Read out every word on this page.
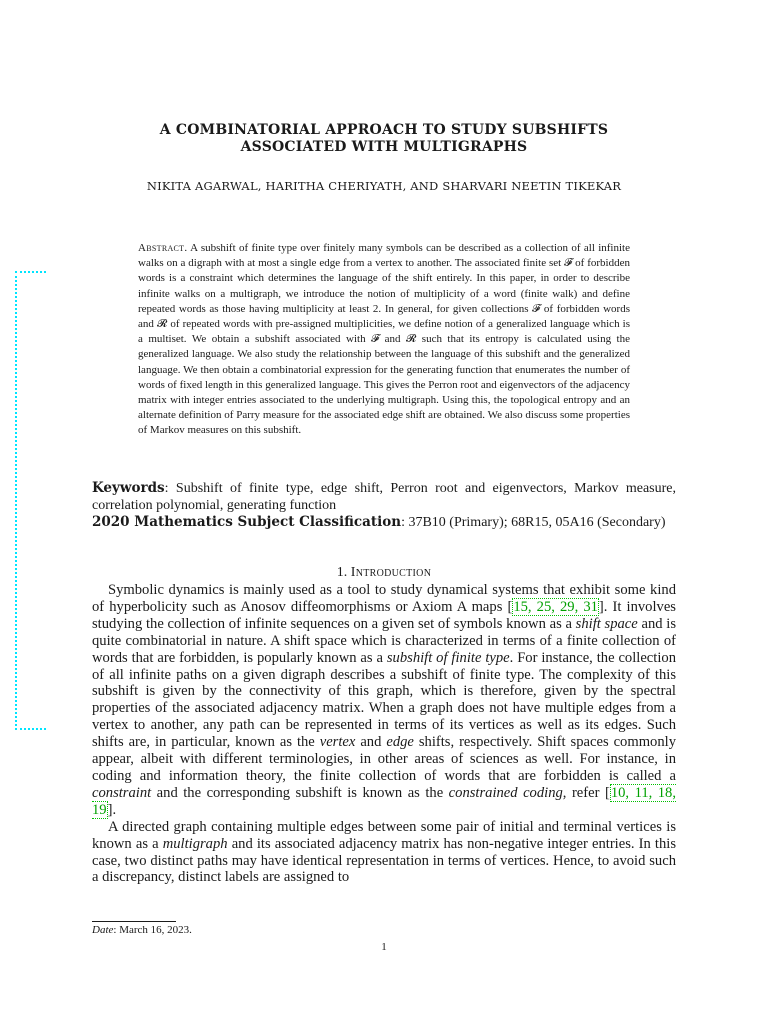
A COMBINATORIAL APPROACH TO STUDY SUBSHIFTS
ASSOCIATED WITH MULTIGRAPHS
NIKITA AGARWAL, HARITHA CHERIYATH, AND SHARVARI NEETIN TIKEKAR
Abstract. A subshift of finite type over finitely many symbols can be described as a collection of all infinite walks on a digraph with at most a single edge from a vertex to another. The associated finite set 𝓕 of forbidden words is a constraint which determines the language of the shift entirely. In this paper, in order to describe infinite walks on a multigraph, we introduce the notion of multiplicity of a word (finite walk) and define repeated words as those having multiplicity at least 2. In general, for given collections 𝓕 of forbidden words and 𝓡 of repeated words with pre-assigned multiplicities, we define notion of a generalized language which is a multiset. We obtain a subshift associated with 𝓕 and 𝓡 such that its entropy is calculated using the generalized language. We also study the relationship between the language of this subshift and the generalized language. We then obtain a combinatorial expression for the generating function that enumerates the number of words of fixed length in this generalized language. This gives the Perron root and eigenvectors of the adjacency matrix with integer entries associated to the underlying multigraph. Using this, the topological entropy and an alternate definition of Parry measure for the associated edge shift are obtained. We also discuss some properties of Markov measures on this subshift.
Keywords: Subshift of finite type, edge shift, Perron root and eigenvectors, Markov measure, correlation polynomial, generating function
2020 Mathematics Subject Classification: 37B10 (Primary); 68R15, 05A16 (Secondary)
1. Introduction

Symbolic dynamics is mainly used as a tool to study dynamical systems that exhibit some kind of hyperbolicity such as Anosov diffeomorphisms or Axiom A maps [15, 25, 29, 31]. It involves studying the collection of infinite sequences on a given set of symbols known as a shift space and is quite combinatorial in nature. A shift space which is characterized in terms of a finite collection of words that are forbidden, is popularly known as a subshift of finite type. For instance, the collection of all infinite paths on a given digraph describes a subshift of finite type. The complexity of this subshift is given by the connectivity of this graph, which is therefore, given by the spectral properties of the associated adjacency matrix. When a graph does not have multiple edges from a vertex to another, any path can be represented in terms of its vertices as well as its edges. Such shifts are, in particular, known as the vertex and edge shifts, respectively. Shift spaces commonly appear, albeit with different terminologies, in other areas of sciences as well. For instance, in coding and information theory, the finite collection of words that are forbidden is called a constraint and the corresponding subshift is known as the constrained coding, refer [10, 11, 18, 19].

A directed graph containing multiple edges between some pair of initial and terminal vertices is known as a multigraph and its associated adjacency matrix has non-negative integer entries. In this case, two distinct paths may have identical representation in terms of vertices. Hence, to avoid such a discrepancy, distinct labels are assigned to

Date: March 16, 2023.
1
